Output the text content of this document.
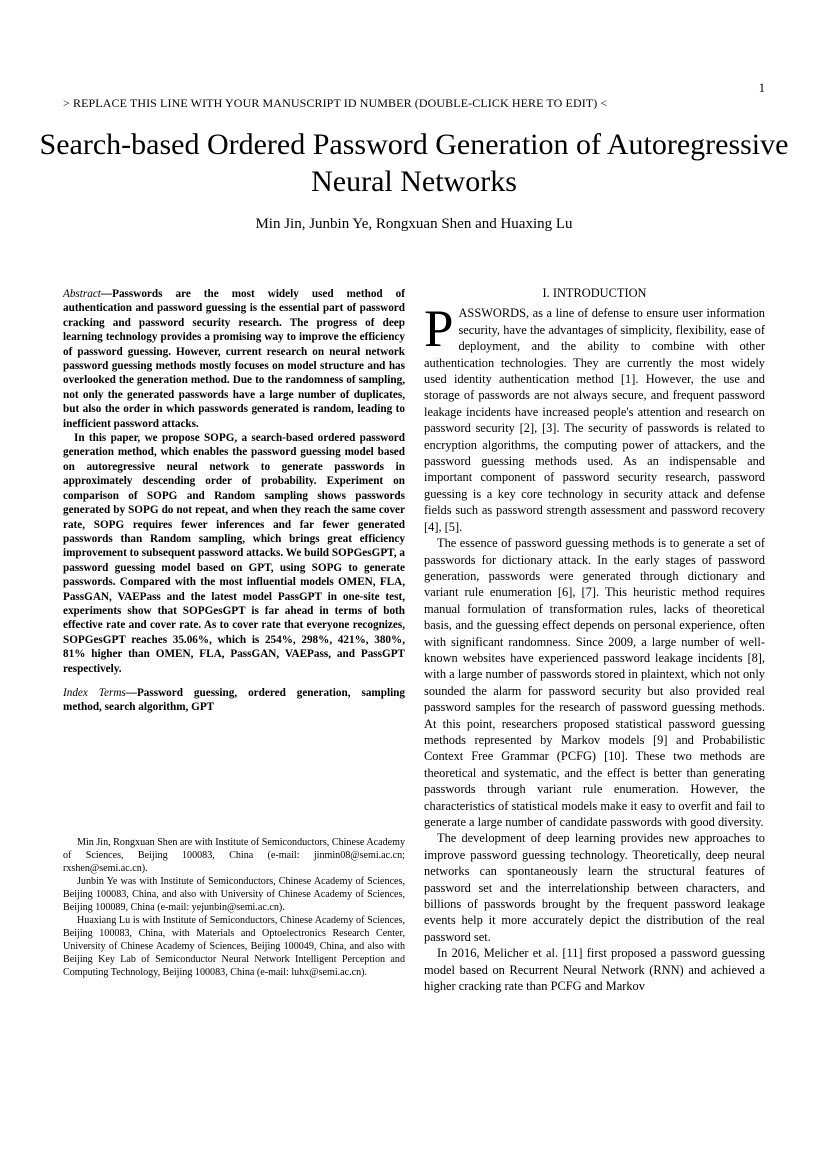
1
> REPLACE THIS LINE WITH YOUR MANUSCRIPT ID NUMBER (DOUBLE-CLICK HERE TO EDIT) <
Search-based Ordered Password Generation of Autoregressive Neural Networks
Min Jin, Junbin Ye, Rongxuan Shen and Huaxing Lu

Abstract—Passwords are the most widely used method of authentication and password guessing is the essential part of password cracking and password security research. The progress of deep learning technology provides a promising way to improve the efficiency of password guessing. However, current research on neural network password guessing methods mostly focuses on model structure and has overlooked the generation method. Due to the randomness of sampling, not only the generated passwords have a large number of duplicates, but also the order in which passwords generated is random, leading to inefficient password attacks.

In this paper, we propose SOPG, a search-based ordered password generation method, which enables the password guessing model based on autoregressive neural network to generate passwords in approximately descending order of probability. Experiment on comparison of SOPG and Random sampling shows passwords generated by SOPG do not repeat, and when they reach the same cover rate, SOPG requires fewer inferences and far fewer generated passwords than Random sampling, which brings great efficiency improvement to subsequent password attacks. We build SOPGesGPT, a password guessing model based on GPT, using SOPG to generate passwords. Compared with the most influential models OMEN, FLA, PassGAN, VAEPass and the latest model PassGPT in one-site test, experiments show that SOPGesGPT is far ahead in terms of both effective rate and cover rate. As to cover rate that everyone recognizes, SOPGesGPT reaches 35.06%, which is 254%, 298%, 421%, 380%, 81% higher than OMEN, FLA, PassGAN, VAEPass, and PassGPT respectively.

Index Terms—Password guessing, ordered generation, sampling method, search algorithm, GPT

Min Jin, Rongxuan Shen are with Institute of Semiconductors, Chinese Academy of Sciences, Beijing 100083, China (e-mail: jinmin08@semi.ac.cn; rxshen@semi.ac.cn).

Junbin Ye was with Institute of Semiconductors, Chinese Academy of Sciences, Beijing 100083, China, and also with University of Chinese Academy of Sciences, Beijing 100089, China (e-mail: yejunbin@semi.ac.cn).

Huaxiang Lu is with Institute of Semiconductors, Chinese Academy of Sciences, Beijing 100083, China, with Materials and Optoelectronics Research Center, University of Chinese Academy of Sciences, Beijing 100049, China, and also with Beijing Key Lab of Semiconductor Neural Network Intelligent Perception and Computing Technology, Beijing 100083, China (e-mail: luhx@semi.ac.cn).

I. INTRODUCTION

PASSWORDS, as a line of defense to ensure user information security, have the advantages of simplicity, flexibility, ease of deployment, and the ability to combine with other authentication technologies. They are currently the most widely used identity authentication method [1]. However, the use and storage of passwords are not always secure, and frequent password leakage incidents have increased people's attention and research on password security [2], [3]. The security of passwords is related to encryption algorithms, the computing power of attackers, and the password guessing methods used. As an indispensable and important component of password security research, password guessing is a key core technology in security attack and defense fields such as password strength assessment and password recovery [4], [5].

The essence of password guessing methods is to generate a set of passwords for dictionary attack. In the early stages of password generation, passwords were generated through dictionary and variant rule enumeration [6], [7]. This heuristic method requires manual formulation of transformation rules, lacks of theoretical basis, and the guessing effect depends on personal experience, often with significant randomness. Since 2009, a large number of well-known websites have experienced password leakage incidents [8], with a large number of passwords stored in plaintext, which not only sounded the alarm for password security but also provided real password samples for the research of password guessing methods. At this point, researchers proposed statistical password guessing methods represented by Markov models [9] and Probabilistic Context Free Grammar (PCFG) [10]. These two methods are theoretical and systematic, and the effect is better than generating passwords through variant rule enumeration. However, the characteristics of statistical models make it easy to overfit and fail to generate a large number of candidate passwords with good diversity.

The development of deep learning provides new approaches to improve password guessing technology. Theoretically, deep neural networks can spontaneously learn the structural features of password set and the interrelationship between characters, and billions of passwords brought by the frequent password leakage events help it more accurately depict the distribution of the real password set.

In 2016, Melicher et al. [11] first proposed a password guessing model based on Recurrent Neural Network (RNN) and achieved a higher cracking rate than PCFG and Markov
